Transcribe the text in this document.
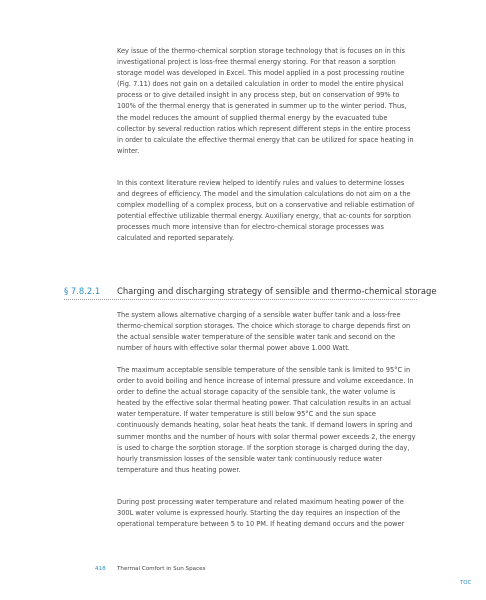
Key issue of the thermo-chemical sorption storage technology that is focuses on in this investigational project is loss-free thermal energy storing. For that reason a sorption storage model was developed in Excel. This model applied in a post processing routine (Fig. 7.11) does not gain on a detailed calculation in order to model the entire physical process or to give detailed insight in any process step, but on conservation of 99% to 100% of the thermal energy that is generated in summer up to the winter period. Thus, the model reduces the amount of supplied thermal energy by the evacuated tube collector by several reduction ratios which represent different steps in the entire process in order to calculate the effective thermal energy that can be utilized for space heating in winter.

In this context literature review helped to identify rules and values to determine losses and degrees of efficiency. The model and the simulation calculations do not aim on a the complex modelling of a complex process, but on a conservative and reliable estimation of potential effective utilizable thermal energy. Auxiliary energy, that ac-counts for sorption processes much more intensive than for electro-chemical storage processes was calculated and reported separately.

§ 7.8.2.1 Charging and discharging strategy of sensible and thermo-chemical storage

The system allows alternative charging of a sensible water buffer tank and a loss-free thermo-chemical sorption storages. The choice which storage to charge depends first on the actual sensible water temperature of the sensible water tank and second on the number of hours with effective solar thermal power above 1.000 Watt.

The maximum acceptable sensible temperature of the sensible tank is limited to 95°C in order to avoid boiling and hence increase of internal pressure and volume exceedance. In order to define the actual storage capacity of the sensible tank, the water volume is heated by the effective solar thermal heating power. That calculation results in an actual water temperature. If water temperature is still below 95°C and the sun space continuously demands heating, solar heat heats the tank. If demand lowers in spring and summer months and the number of hours with solar thermal power exceeds 2, the energy is used to charge the sorption storage. If the sorption storage is charged during the day, hourly transmission losses of the sensible water tank continuously reduce water temperature and thus heating power.

During post processing water temperature and related maximum heating power of the 300L water volume is expressed hourly. Starting the day requires an inspection of the operational temperature between 5 to 10 PM. If heating demand occurs and the power

418 Thermal Comfort in Sun Spaces
TOC
